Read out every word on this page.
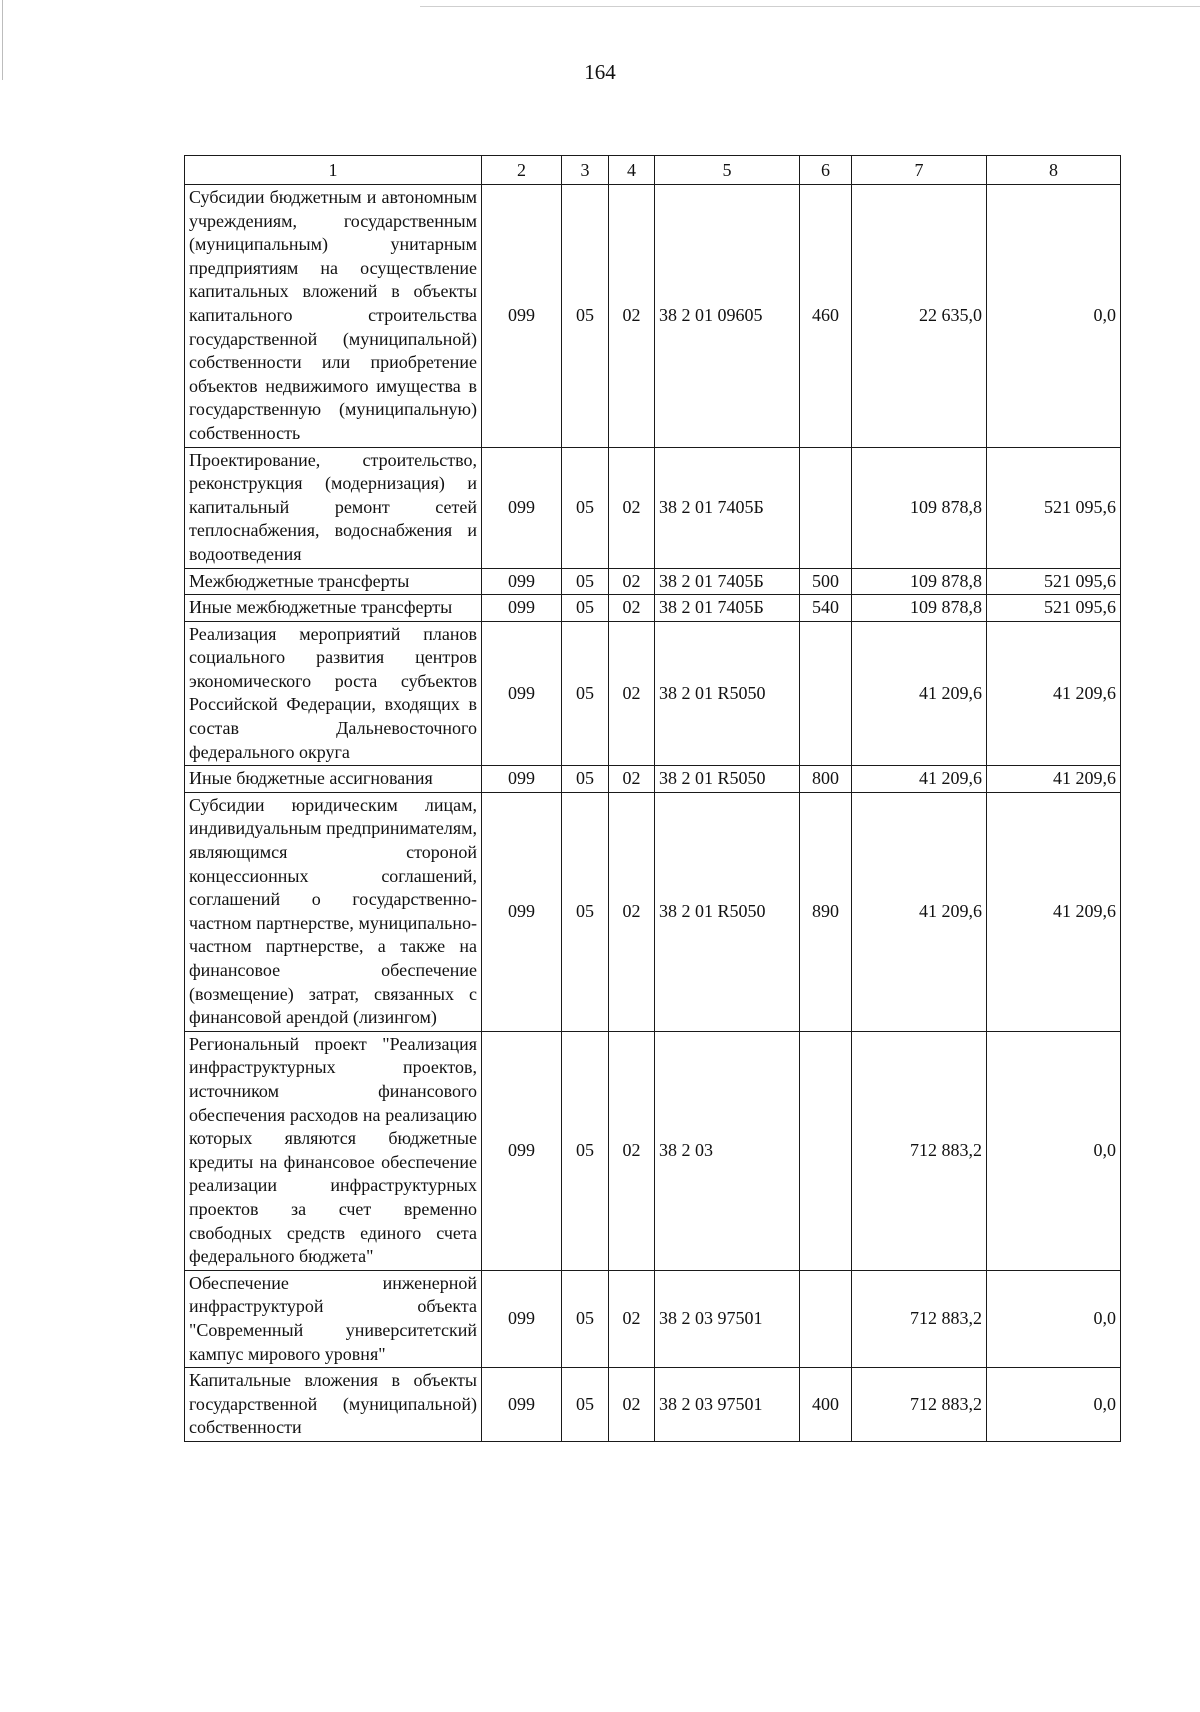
164
1	2	3	4	5	6	7	8
Субсидии бюджетным и автономным учреждениям, государственным (муниципальным) унитарным предприятиям на осуществление капитальных вложений в объекты капитального строительства государственной (муниципальной) собственности или приобретение объектов недвижимого имущества в государственную (муниципальную) собственность	099	05	02	38 2 01 09605	460	22 635,0	0,0
Проектирование, строительство, реконструкция (модернизация) и капитальный ремонт сетей теплоснабжения, водоснабжения и водоотведения	099	05	02	38 2 01 7405Б		109 878,8	521 095,6
Межбюджетные трансферты	099	05	02	38 2 01 7405Б	500	109 878,8	521 095,6
Иные межбюджетные трансферты	099	05	02	38 2 01 7405Б	540	109 878,8	521 095,6
Реализация мероприятий планов социального развития центров экономического роста субъектов Российской Федерации, входящих в состав Дальневосточного федерального округа	099	05	02	38 2 01 R5050		41 209,6	41 209,6
Иные бюджетные ассигнования	099	05	02	38 2 01 R5050	800	41 209,6	41 209,6
Субсидии юридическим лицам, индивидуальным предпринимателям, являющимся стороной концессионных соглашений, соглашений о государственно-частном партнерстве, муниципально-частном партнерстве, а также на финансовое обеспечение (возмещение) затрат, связанных с финансовой арендой (лизингом)	099	05	02	38 2 01 R5050	890	41 209,6	41 209,6
Региональный проект "Реализация инфраструктурных проектов, источником финансового обеспечения расходов на реализацию которых являются бюджетные кредиты на финансовое обеспечение реализации инфраструктурных проектов за счет временно свободных средств единого счета федерального бюджета"	099	05	02	38 2 03		712 883,2	0,0
Обеспечение инженерной инфраструктурой объекта "Современный университетский кампус мирового уровня"	099	05	02	38 2 03 97501		712 883,2	0,0
Капитальные вложения в объекты государственной (муниципальной) собственности	099	05	02	38 2 03 97501	400	712 883,2	0,0
